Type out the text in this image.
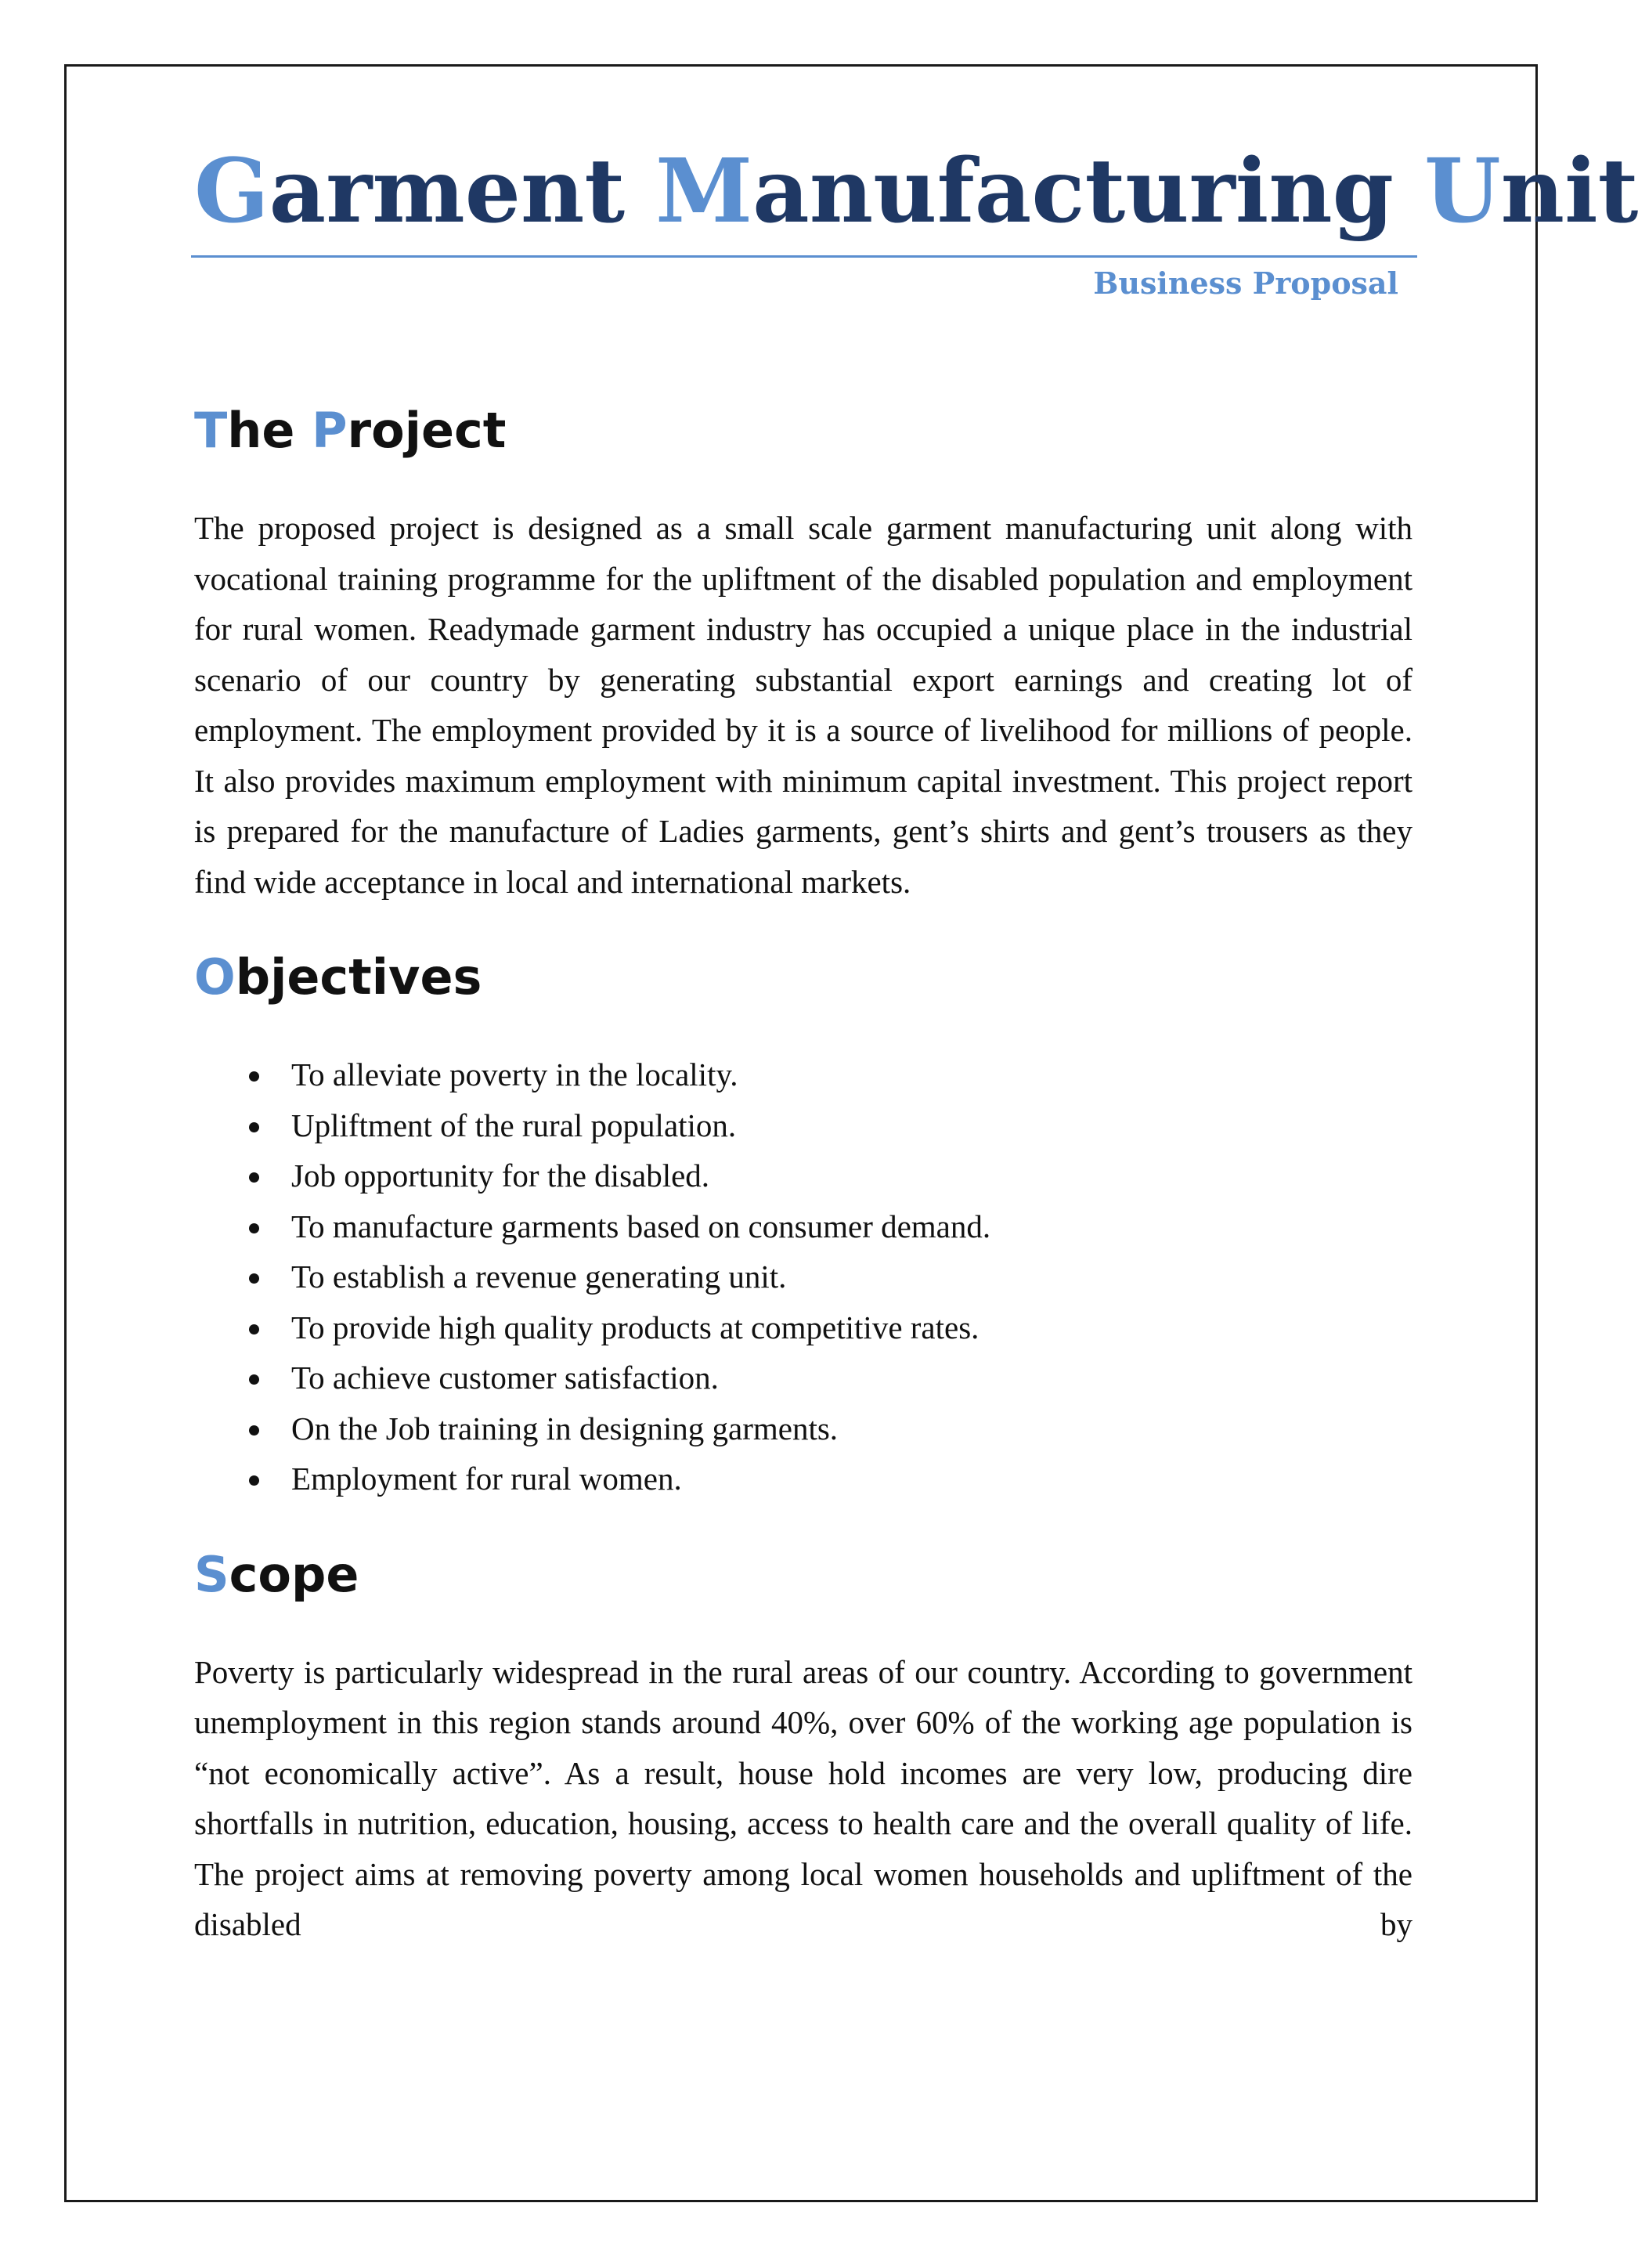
Garment Manufacturing Unit
Business Proposal
The Project

The proposed project is designed as a small scale garment manufacturing unit along with vocational training programme for the upliftment of the disabled population and employment for rural women. Readymade garment industry has occupied a unique place in the industrial scenario of our country by generating substantial export earnings and creating lot of employment. The employment provided by it is a source of livelihood for millions of people. It also provides maximum employment with minimum capital investment. This project report is prepared for the manufacture of Ladies garments, gent’s shirts and gent’s trousers as they find wide acceptance in local and international markets.

Objectives
To alleviate poverty in the locality.
Upliftment of the rural population.
Job opportunity for the disabled.
To manufacture garments based on consumer demand.
To establish a revenue generating unit.
To provide high quality products at competitive rates.
To achieve customer satisfaction.
On the Job training in designing garments.
Employment for rural women.
Scope

Poverty is particularly widespread in the rural areas of our country. According to government unemployment in this region stands around 40%, over 60% of the working age population is “not economically active”. As a result, house hold incomes are very low, producing dire shortfalls in nutrition, education, housing, access to health care and the overall quality of life. The project aims at removing poverty among local women households and upliftment of the disabled by
